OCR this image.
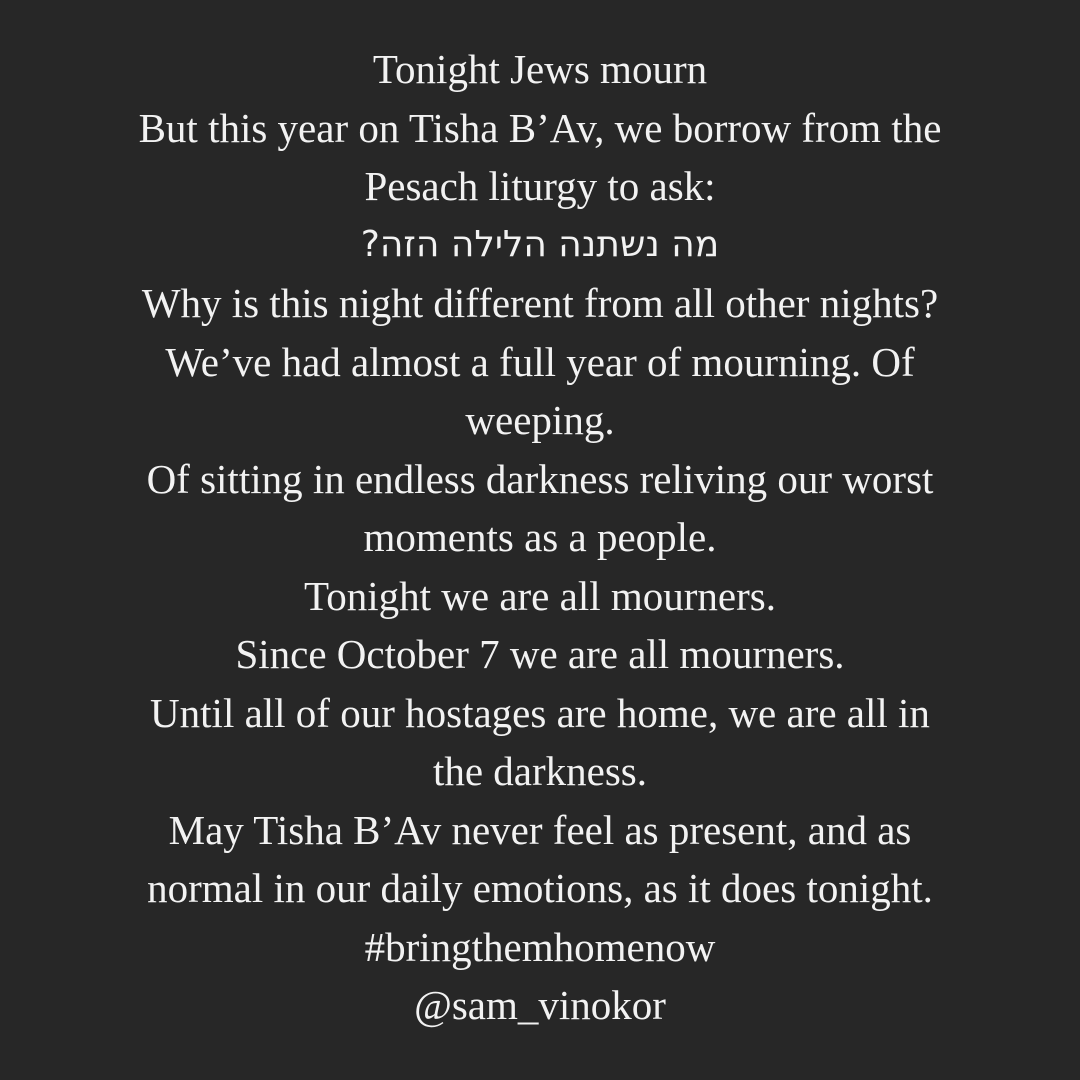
Tonight Jews mourn
But this year on Tisha B’Av, we borrow from the
Pesach liturgy to ask:
מה נשתנה הלילה הזה?
Why is this night different from all other nights?
We’ve had almost a full year of mourning. Of
weeping.
Of sitting in endless darkness reliving our worst
moments as a people.
Tonight we are all mourners.
Since October 7 we are all mourners.
Until all of our hostages are home, we are all in
the darkness.
May Tisha B’Av never feel as present, and as
normal in our daily emotions, as it does tonight.
#bringthemhomenow
@sam_vinokor
